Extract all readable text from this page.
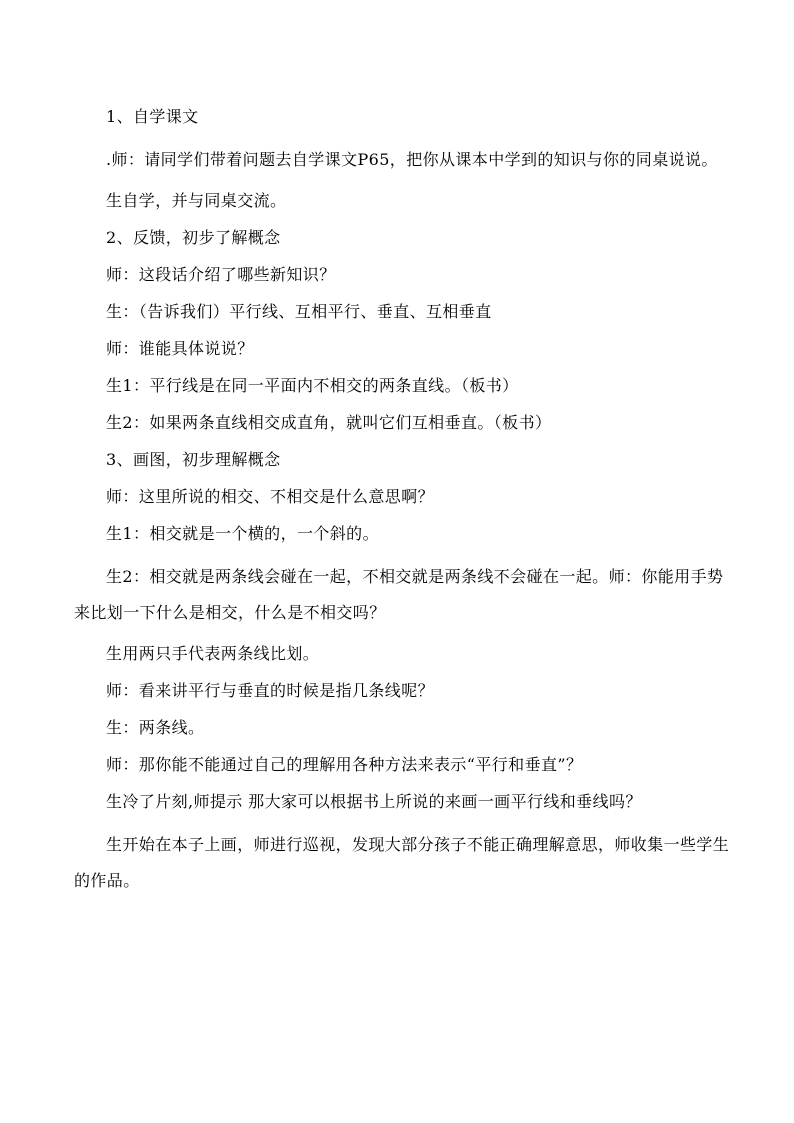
1、自学课文

.师：请同学们带着问题去自学课文P65，把你从课本中学到的知识与你的同桌说说。

生自学，并与同桌交流。

2、反馈，初步了解概念

师：这段话介绍了哪些新知识？

生：（告诉我们）平行线、互相平行、垂直、互相垂直

师：谁能具体说说？

生1：平行线是在同一平面内不相交的两条直线。（板书）

生2：如果两条直线相交成直角，就叫它们互相垂直。（板书）

3、画图，初步理解概念

师：这里所说的相交、不相交是什么意思啊？

生1：相交就是一个横的，一个斜的。

生2：相交就是两条线会碰在一起，不相交就是两条线不会碰在一起。师：你能用手势来比划一下什么是相交，什么是不相交吗？

生用两只手代表两条线比划。

师：看来讲平行与垂直的时候是指几条线呢？

生：两条线。

师：那你能不能通过自己的理解用各种方法来表示“平行和垂直”？

生冷了片刻,师提示 那大家可以根据书上所说的来画一画平行线和垂线吗？

生开始在本子上画，师进行巡视，发现大部分孩子不能正确理解意思，师收集一些学生的作品。
